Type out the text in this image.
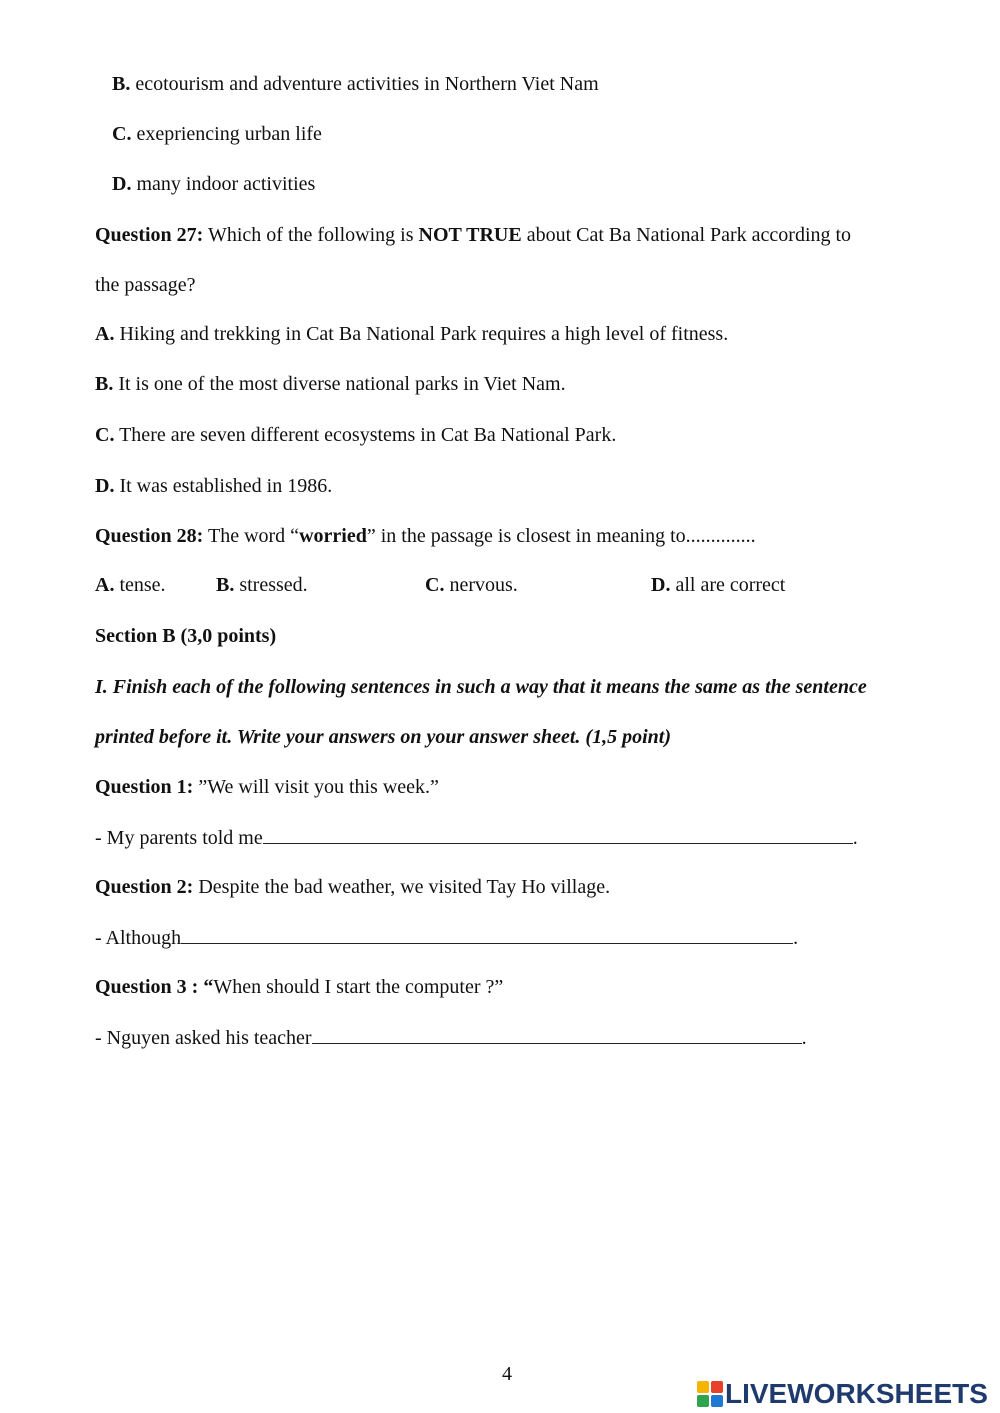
B. ecotourism and adventure activities in Northern Viet Nam
C. exepriencing urban life
D. many indoor activities
Question 27: Which of the following is NOT TRUE about Cat Ba National Park according to
the passage?
A. Hiking and trekking in Cat Ba National Park requires a high level of fitness.
B. It is one of the most diverse national parks in Viet Nam.
C. There are seven different ecosystems in Cat Ba National Park.
D. It was established in 1986.
Question 28: The word “worried” in the passage is closest in meaning to..............
A. tense.	B. stressed.	C. nervous.	D. all are correct
Section B (3,0 points)
I. Finish each of the following sentences in such a way that it means the same as the sentence
printed before it. Write your answers on your answer sheet. (1,5 point)
Question 1: ”We will visit you this week.”
- My parents told me	.
Question 2: Despite the bad weather, we visited Tay Ho village.
- Although	.
Question 3 : “When should I start the computer ?”
- Nguyen asked his teacher	.
4
LIVEWORKSHEETS
